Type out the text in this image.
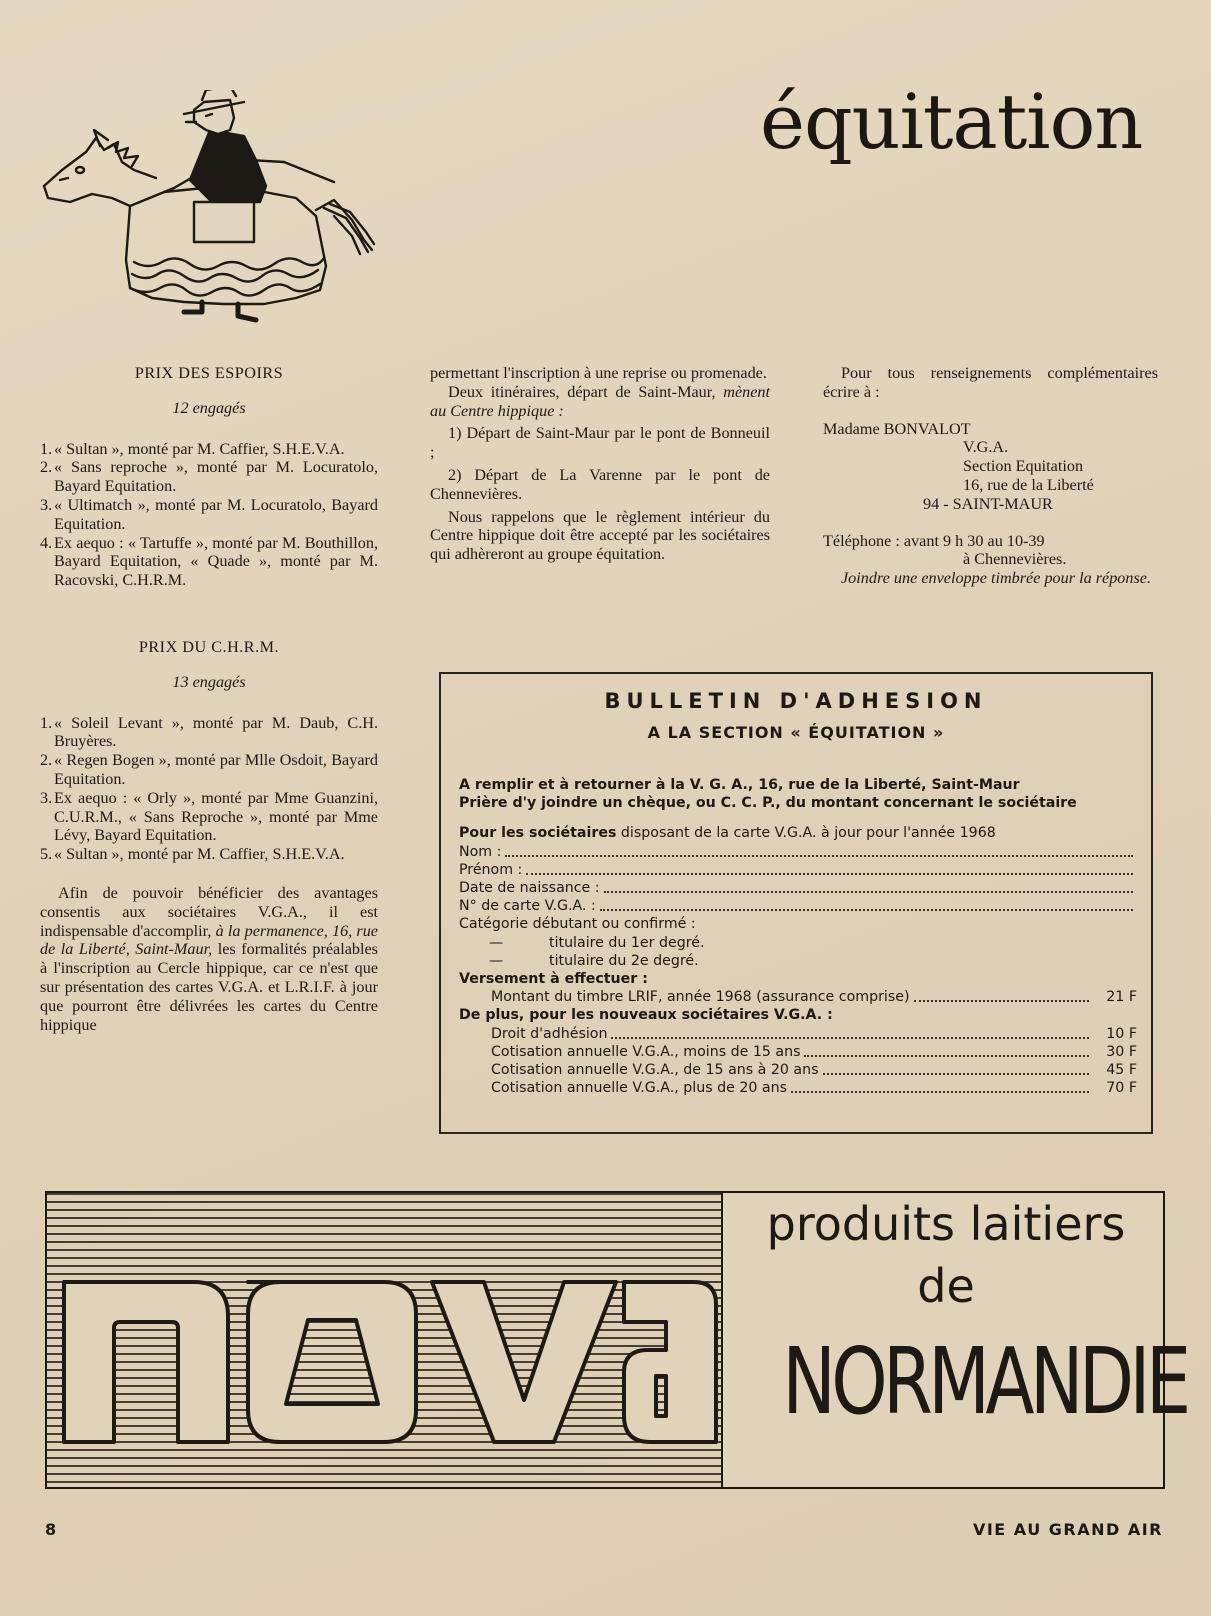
équitation

PRIX DES ESPOIRS

12 engagés

1. « Sultan », monté par M. Caffier, S.H.E.V.A.
2. « Sans reproche », monté par M. Locuratolo, Bayard Equitation.
3. « Ultimatch », monté par M. Locuratolo, Bayard Equitation.
4. Ex aequo : « Tartuffe », monté par M. Bouthillon, Bayard Equitation, « Quade », monté par M. Racovski, C.H.R.M.

PRIX DU C.H.R.M.

13 engagés

1. « Soleil Levant », monté par M. Daub, C.H. Bruyères.
2. « Regen Bogen », monté par Mlle Osdoit, Bayard Equitation.
3. Ex aequo : « Orly », monté par Mme Guanzini, C.U.R.M., « Sans Reproche », monté par Mme Lévy, Bayard Equitation.
5. « Sultan », monté par M. Caffier, S.H.E.V.A.

Afin de pouvoir bénéficier des avantages consentis aux sociétaires V.G.A., il est indispensable d'accomplir, à la permanence, 16, rue de la Liberté, Saint-Maur, les formalités préalables à l'inscription au Cercle hippique, car ce n'est que sur présentation des cartes V.G.A. et L.R.I.F. à jour que pourront être délivrées les cartes du Centre hippique

permettant l'inscription à une reprise ou promenade.

Deux itinéraires, départ de Saint-Maur, mènent au Centre hippique :

1) Départ de Saint-Maur par le pont de Bonneuil ;

2) Départ de La Varenne par le pont de Chennevières.

Nous rappelons que le règlement intérieur du Centre hippique doit être accepté par les sociétaires qui adhèreront au groupe équitation.

Pour tous renseignements complémentaires écrire à :

Madame BONVALOT

V.G.A.

Section Equitation

16, rue de la Liberté

94 - SAINT-MAUR

Téléphone : avant 9 h 30 au 10-39

à Chennevières.

Joindre une enveloppe timbrée pour la réponse.

BULLETIN D'ADHESION
A LA SECTION « ÉQUITATION »
A remplir et à retourner à la V. G. A., 16, rue de la Liberté, Saint-Maur
Prière d'y joindre un chèque, ou C. C. P., du montant concernant le sociétaire
Pour les sociétaires disposant de la carte V.G.A. à jour pour l'année 1968
Nom :
Prénom :
Date de naissance :
N° de carte V.G.A. :
Catégorie débutant ou confirmé :
—	titulaire du 1er degré.
—	titulaire du 2e degré.
Versement à effectuer :
Montant du timbre LRIF, année 1968 (assurance comprise)	21 F
De plus, pour les nouveaux sociétaires V.G.A. :
Droit d'adhésion	10 F
Cotisation annuelle V.G.A., moins de 15 ans	30 F
Cotisation annuelle V.G.A., de 15 ans à 20 ans	45 F
Cotisation annuelle V.G.A., plus de 20 ans	70 F
produits laitiers
de
NORMANDIE
8	VIE AU GRAND AIR
